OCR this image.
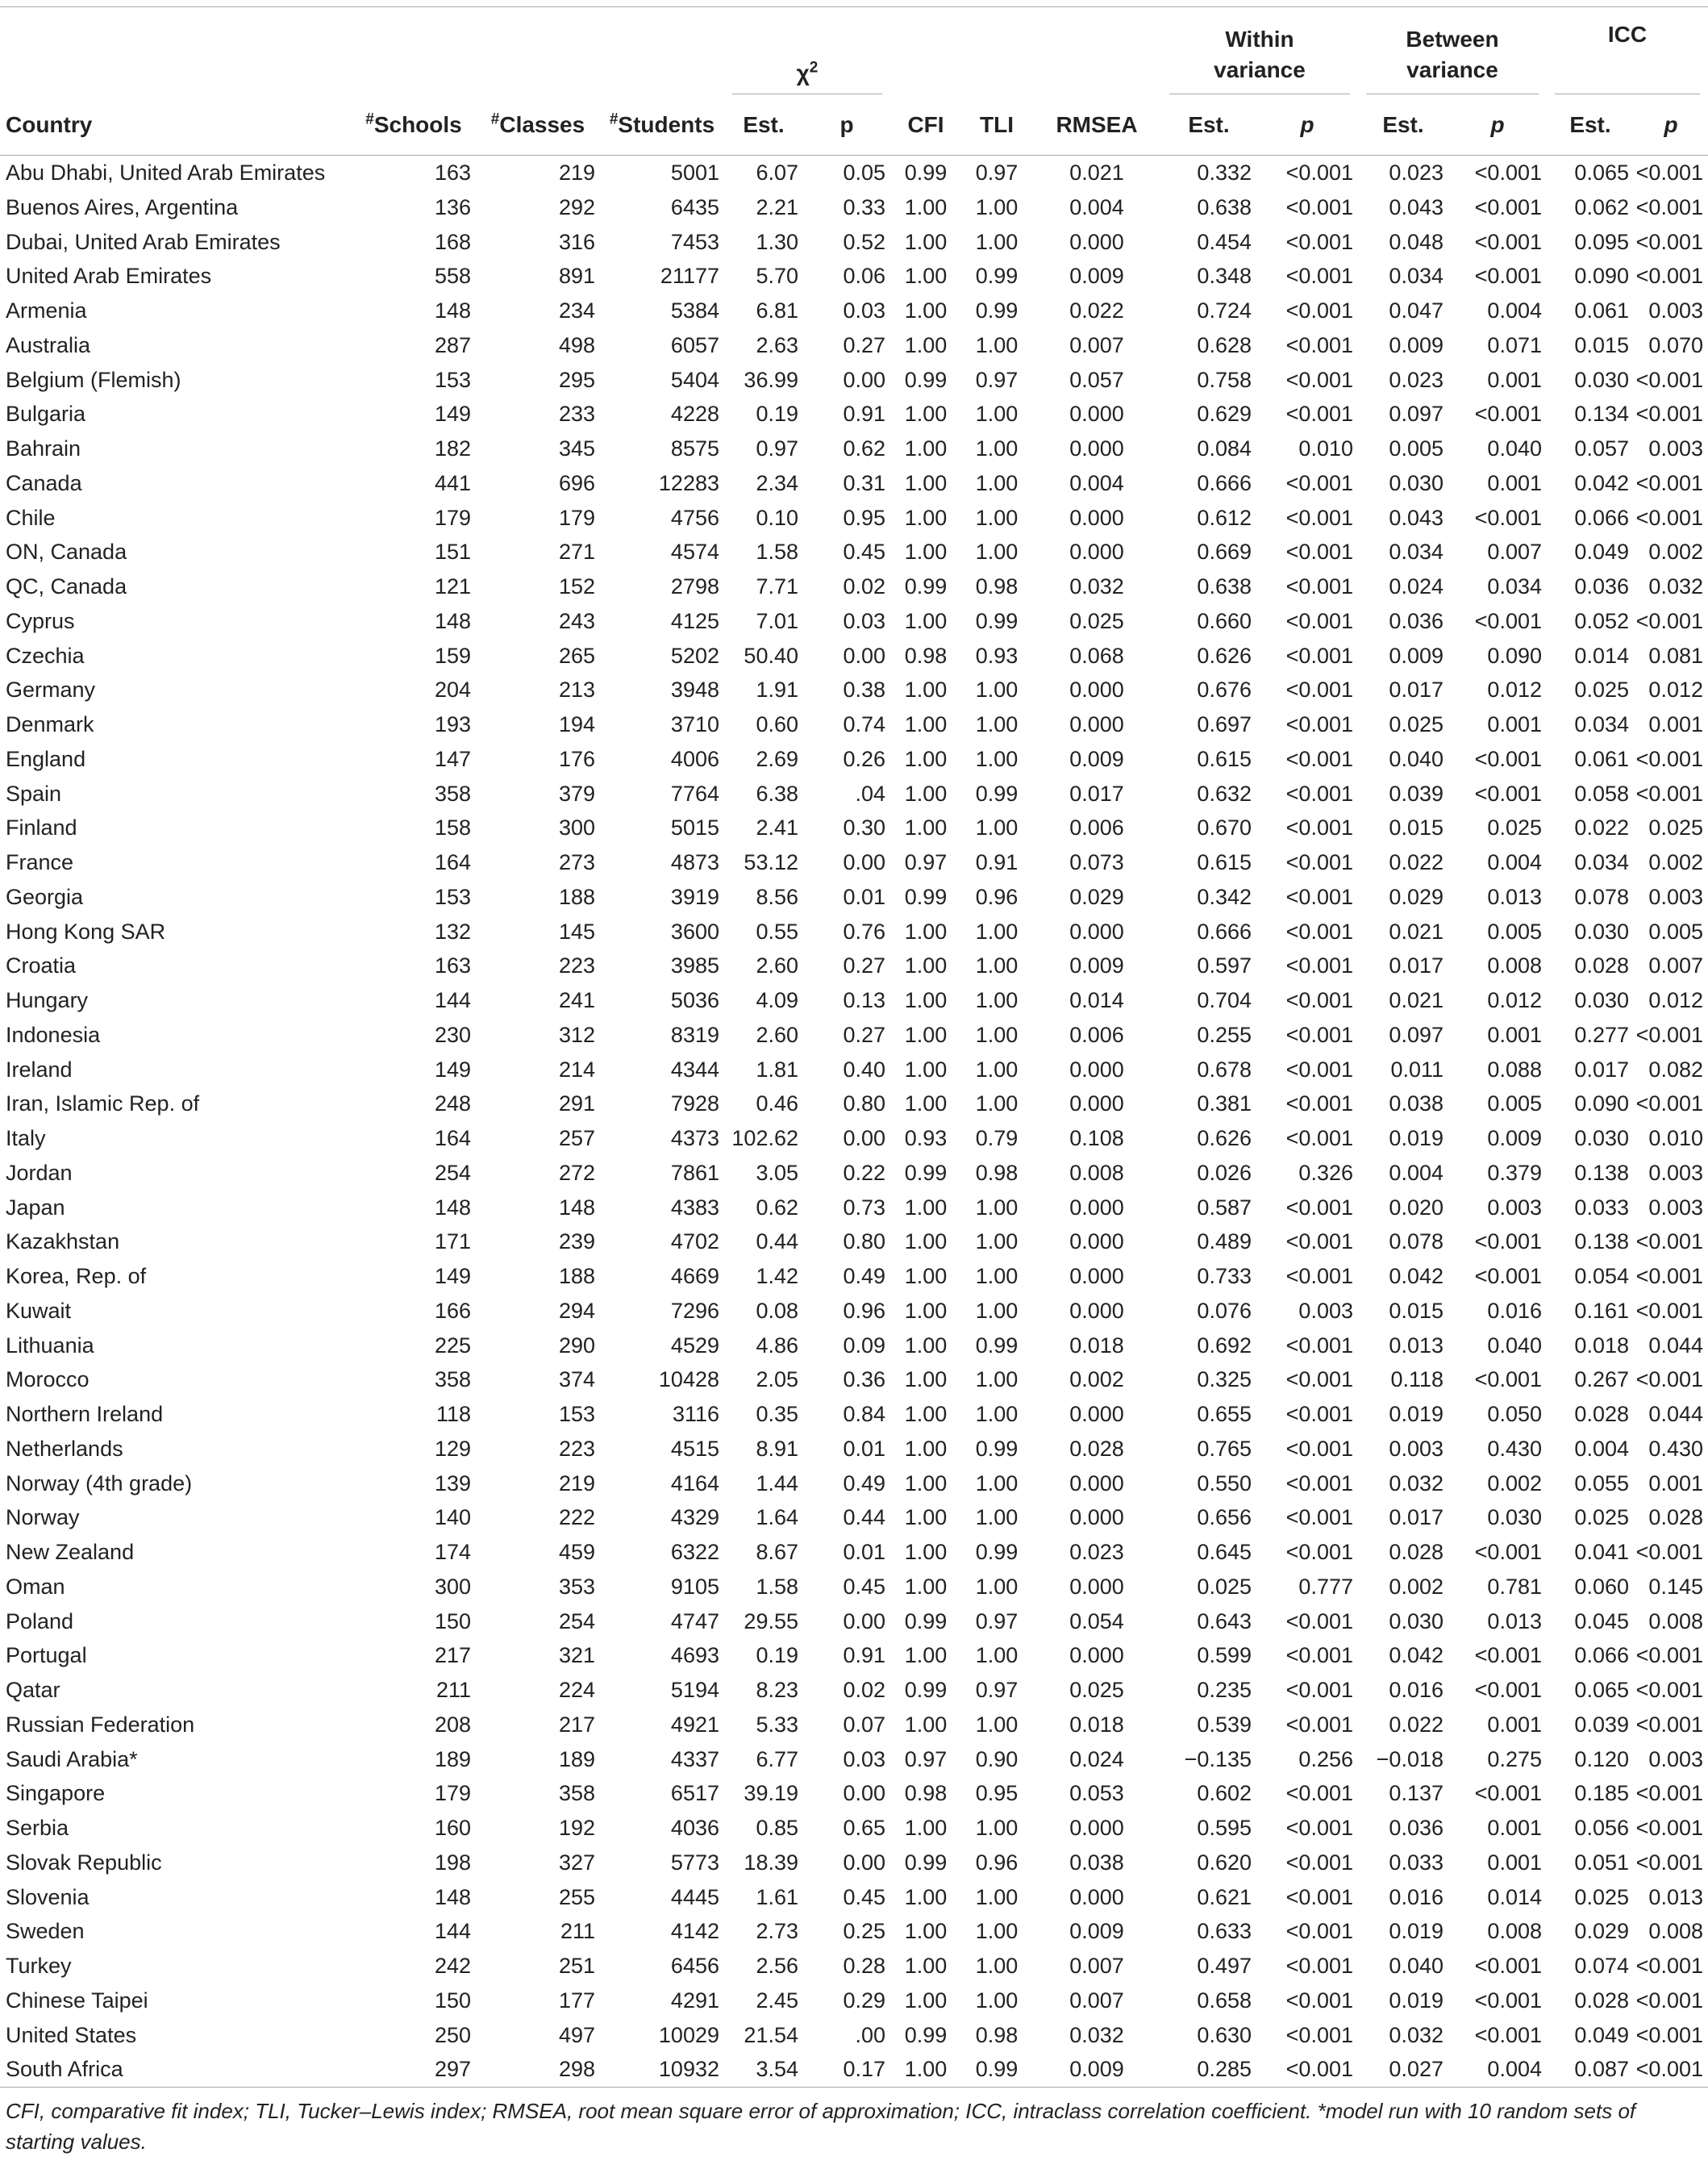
				$\chi^2$					Within variance		Between variance		ICC	

Country	#Schools	#Classes	#Students	Est.	p	CFI	TLI	RMSEA	Est.	p	Est.	p	Est.	p
Abu Dhabi, United Arab Emirates	163	219	5001	6.07	0.05	0.99	0.97	0.021	0.332	<0.001	0.023	<0.001	0.065	<0.001
Buenos Aires, Argentina	136	292	6435	2.21	0.33	1.00	1.00	0.004	0.638	<0.001	0.043	<0.001	0.062	<0.001
Dubai, United Arab Emirates	168	316	7453	1.30	0.52	1.00	1.00	0.000	0.454	<0.001	0.048	<0.001	0.095	<0.001
United Arab Emirates	558	891	21177	5.70	0.06	1.00	0.99	0.009	0.348	<0.001	0.034	<0.001	0.090	<0.001
Armenia	148	234	5384	6.81	0.03	1.00	0.99	0.022	0.724	<0.001	0.047	0.004	0.061	0.003
Australia	287	498	6057	2.63	0.27	1.00	1.00	0.007	0.628	<0.001	0.009	0.071	0.015	0.070
Belgium (Flemish)	153	295	5404	36.99	0.00	0.99	0.97	0.057	0.758	<0.001	0.023	0.001	0.030	<0.001
Bulgaria	149	233	4228	0.19	0.91	1.00	1.00	0.000	0.629	<0.001	0.097	<0.001	0.134	<0.001
Bahrain	182	345	8575	0.97	0.62	1.00	1.00	0.000	0.084	0.010	0.005	0.040	0.057	0.003
Canada	441	696	12283	2.34	0.31	1.00	1.00	0.004	0.666	<0.001	0.030	0.001	0.042	<0.001
Chile	179	179	4756	0.10	0.95	1.00	1.00	0.000	0.612	<0.001	0.043	<0.001	0.066	<0.001
ON, Canada	151	271	4574	1.58	0.45	1.00	1.00	0.000	0.669	<0.001	0.034	0.007	0.049	0.002
QC, Canada	121	152	2798	7.71	0.02	0.99	0.98	0.032	0.638	<0.001	0.024	0.034	0.036	0.032
Cyprus	148	243	4125	7.01	0.03	1.00	0.99	0.025	0.660	<0.001	0.036	<0.001	0.052	<0.001
Czechia	159	265	5202	50.40	0.00	0.98	0.93	0.068	0.626	<0.001	0.009	0.090	0.014	0.081
Germany	204	213	3948	1.91	0.38	1.00	1.00	0.000	0.676	<0.001	0.017	0.012	0.025	0.012
Denmark	193	194	3710	0.60	0.74	1.00	1.00	0.000	0.697	<0.001	0.025	0.001	0.034	0.001
England	147	176	4006	2.69	0.26	1.00	1.00	0.009	0.615	<0.001	0.040	<0.001	0.061	<0.001
Spain	358	379	7764	6.38	.04	1.00	0.99	0.017	0.632	<0.001	0.039	<0.001	0.058	<0.001
Finland	158	300	5015	2.41	0.30	1.00	1.00	0.006	0.670	<0.001	0.015	0.025	0.022	0.025
France	164	273	4873	53.12	0.00	0.97	0.91	0.073	0.615	<0.001	0.022	0.004	0.034	0.002
Georgia	153	188	3919	8.56	0.01	0.99	0.96	0.029	0.342	<0.001	0.029	0.013	0.078	0.003
Hong Kong SAR	132	145	3600	0.55	0.76	1.00	1.00	0.000	0.666	<0.001	0.021	0.005	0.030	0.005
Croatia	163	223	3985	2.60	0.27	1.00	1.00	0.009	0.597	<0.001	0.017	0.008	0.028	0.007
Hungary	144	241	5036	4.09	0.13	1.00	1.00	0.014	0.704	<0.001	0.021	0.012	0.030	0.012
Indonesia	230	312	8319	2.60	0.27	1.00	1.00	0.006	0.255	<0.001	0.097	0.001	0.277	<0.001
Ireland	149	214	4344	1.81	0.40	1.00	1.00	0.000	0.678	<0.001	0.011	0.088	0.017	0.082
Iran, Islamic Rep. of	248	291	7928	0.46	0.80	1.00	1.00	0.000	0.381	<0.001	0.038	0.005	0.090	<0.001
Italy	164	257	4373	102.62	0.00	0.93	0.79	0.108	0.626	<0.001	0.019	0.009	0.030	0.010
Jordan	254	272	7861	3.05	0.22	0.99	0.98	0.008	0.026	0.326	0.004	0.379	0.138	0.003
Japan	148	148	4383	0.62	0.73	1.00	1.00	0.000	0.587	<0.001	0.020	0.003	0.033	0.003
Kazakhstan	171	239	4702	0.44	0.80	1.00	1.00	0.000	0.489	<0.001	0.078	<0.001	0.138	<0.001
Korea, Rep. of	149	188	4669	1.42	0.49	1.00	1.00	0.000	0.733	<0.001	0.042	<0.001	0.054	<0.001
Kuwait	166	294	7296	0.08	0.96	1.00	1.00	0.000	0.076	0.003	0.015	0.016	0.161	<0.001
Lithuania	225	290	4529	4.86	0.09	1.00	0.99	0.018	0.692	<0.001	0.013	0.040	0.018	0.044
Morocco	358	374	10428	2.05	0.36	1.00	1.00	0.002	0.325	<0.001	0.118	<0.001	0.267	<0.001
Northern Ireland	118	153	3116	0.35	0.84	1.00	1.00	0.000	0.655	<0.001	0.019	0.050	0.028	0.044
Netherlands	129	223	4515	8.91	0.01	1.00	0.99	0.028	0.765	<0.001	0.003	0.430	0.004	0.430
Norway (4th grade)	139	219	4164	1.44	0.49	1.00	1.00	0.000	0.550	<0.001	0.032	0.002	0.055	0.001
Norway	140	222	4329	1.64	0.44	1.00	1.00	0.000	0.656	<0.001	0.017	0.030	0.025	0.028
New Zealand	174	459	6322	8.67	0.01	1.00	0.99	0.023	0.645	<0.001	0.028	<0.001	0.041	<0.001
Oman	300	353	9105	1.58	0.45	1.00	1.00	0.000	0.025	0.777	0.002	0.781	0.060	0.145
Poland	150	254	4747	29.55	0.00	0.99	0.97	0.054	0.643	<0.001	0.030	0.013	0.045	0.008
Portugal	217	321	4693	0.19	0.91	1.00	1.00	0.000	0.599	<0.001	0.042	<0.001	0.066	<0.001
Qatar	211	224	5194	8.23	0.02	0.99	0.97	0.025	0.235	<0.001	0.016	<0.001	0.065	<0.001
Russian Federation	208	217	4921	5.33	0.07	1.00	1.00	0.018	0.539	<0.001	0.022	0.001	0.039	<0.001
Saudi Arabia*	189	189	4337	6.77	0.03	0.97	0.90	0.024	−0.135	0.256	−0.018	0.275	0.120	0.003
Singapore	179	358	6517	39.19	0.00	0.98	0.95	0.053	0.602	<0.001	0.137	<0.001	0.185	<0.001
Serbia	160	192	4036	0.85	0.65	1.00	1.00	0.000	0.595	<0.001	0.036	0.001	0.056	<0.001
Slovak Republic	198	327	5773	18.39	0.00	0.99	0.96	0.038	0.620	<0.001	0.033	0.001	0.051	<0.001
Slovenia	148	255	4445	1.61	0.45	1.00	1.00	0.000	0.621	<0.001	0.016	0.014	0.025	0.013
Sweden	144	211	4142	2.73	0.25	1.00	1.00	0.009	0.633	<0.001	0.019	0.008	0.029	0.008
Turkey	242	251	6456	2.56	0.28	1.00	1.00	0.007	0.497	<0.001	0.040	<0.001	0.074	<0.001
Chinese Taipei	150	177	4291	2.45	0.29	1.00	1.00	0.007	0.658	<0.001	0.019	<0.001	0.028	<0.001
United States	250	497	10029	21.54	.00	0.99	0.98	0.032	0.630	<0.001	0.032	<0.001	0.049	<0.001
South Africa	297	298	10932	3.54	0.17	1.00	0.99	0.009	0.285	<0.001	0.027	0.004	0.087	<0.001
CFI, comparative fit index; TLI, Tucker–Lewis index; RMSEA, root mean square error of approximation; ICC, intraclass correlation coefficient. *model run with 10 random sets of starting values.
